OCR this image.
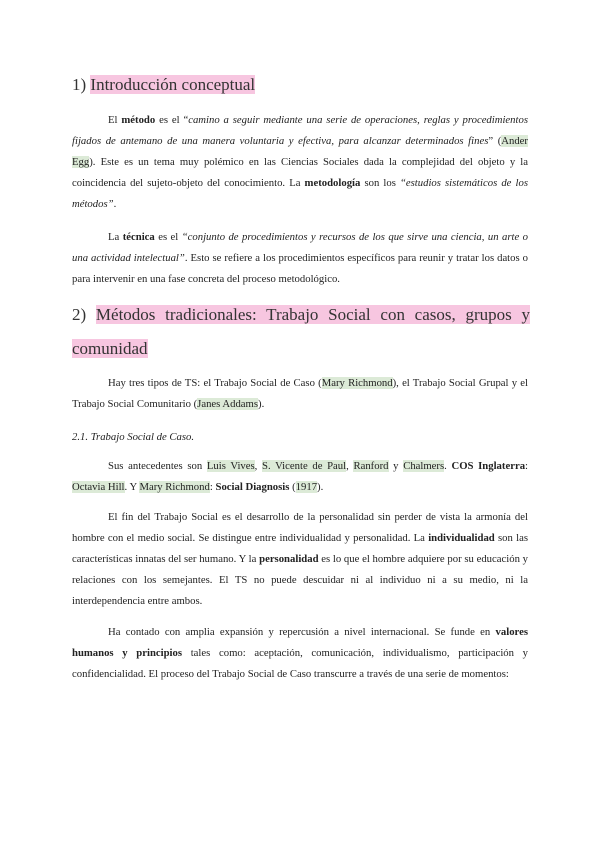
1) Introducción conceptual

El método es el “camino a seguir mediante una serie de operaciones, reglas y procedimientos fijados de antemano de una manera voluntaria y efectiva, para alcanzar determinados fines” (Ander Egg). Este es un tema muy polémico en las Ciencias Sociales dada la complejidad del objeto y la coincidencia del sujeto-objeto del conocimiento. La metodología son los “estudios sistemáticos de los métodos”.

La técnica es el “conjunto de procedimientos y recursos de los que sirve una ciencia, un arte o una actividad intelectual”. Esto se refiere a los procedimientos específicos para reunir y tratar los datos o para intervenir en una fase concreta del proceso metodológico.

2) Métodos tradicionales: Trabajo Social con casos, grupos y comunidad

Hay tres tipos de TS: el Trabajo Social de Caso (Mary Richmond), el Trabajo Social Grupal y el Trabajo Social Comunitario (Janes Addams).

2.1. Trabajo Social de Caso.

Sus antecedentes son Luis Vives, S. Vicente de Paul, Ranford y Chalmers. COS Inglaterra: Octavia Hill. Y Mary Richmond: Social Diagnosis (1917).

El fin del Trabajo Social es el desarrollo de la personalidad sin perder de vista la armonía del hombre con el medio social. Se distingue entre individualidad y personalidad. La individualidad son las características innatas del ser humano. Y la personalidad es lo que el hombre adquiere por su educación y relaciones con los semejantes. El TS no puede descuidar ni al individuo ni a su medio, ni la interdependencia entre ambos.

Ha contado con amplia expansión y repercusión a nivel internacional. Se funde en valores humanos y principios tales como: aceptación, comunicación, individualismo, participación y confidencialidad. El proceso del Trabajo Social de Caso transcurre a través de una serie de momentos:
